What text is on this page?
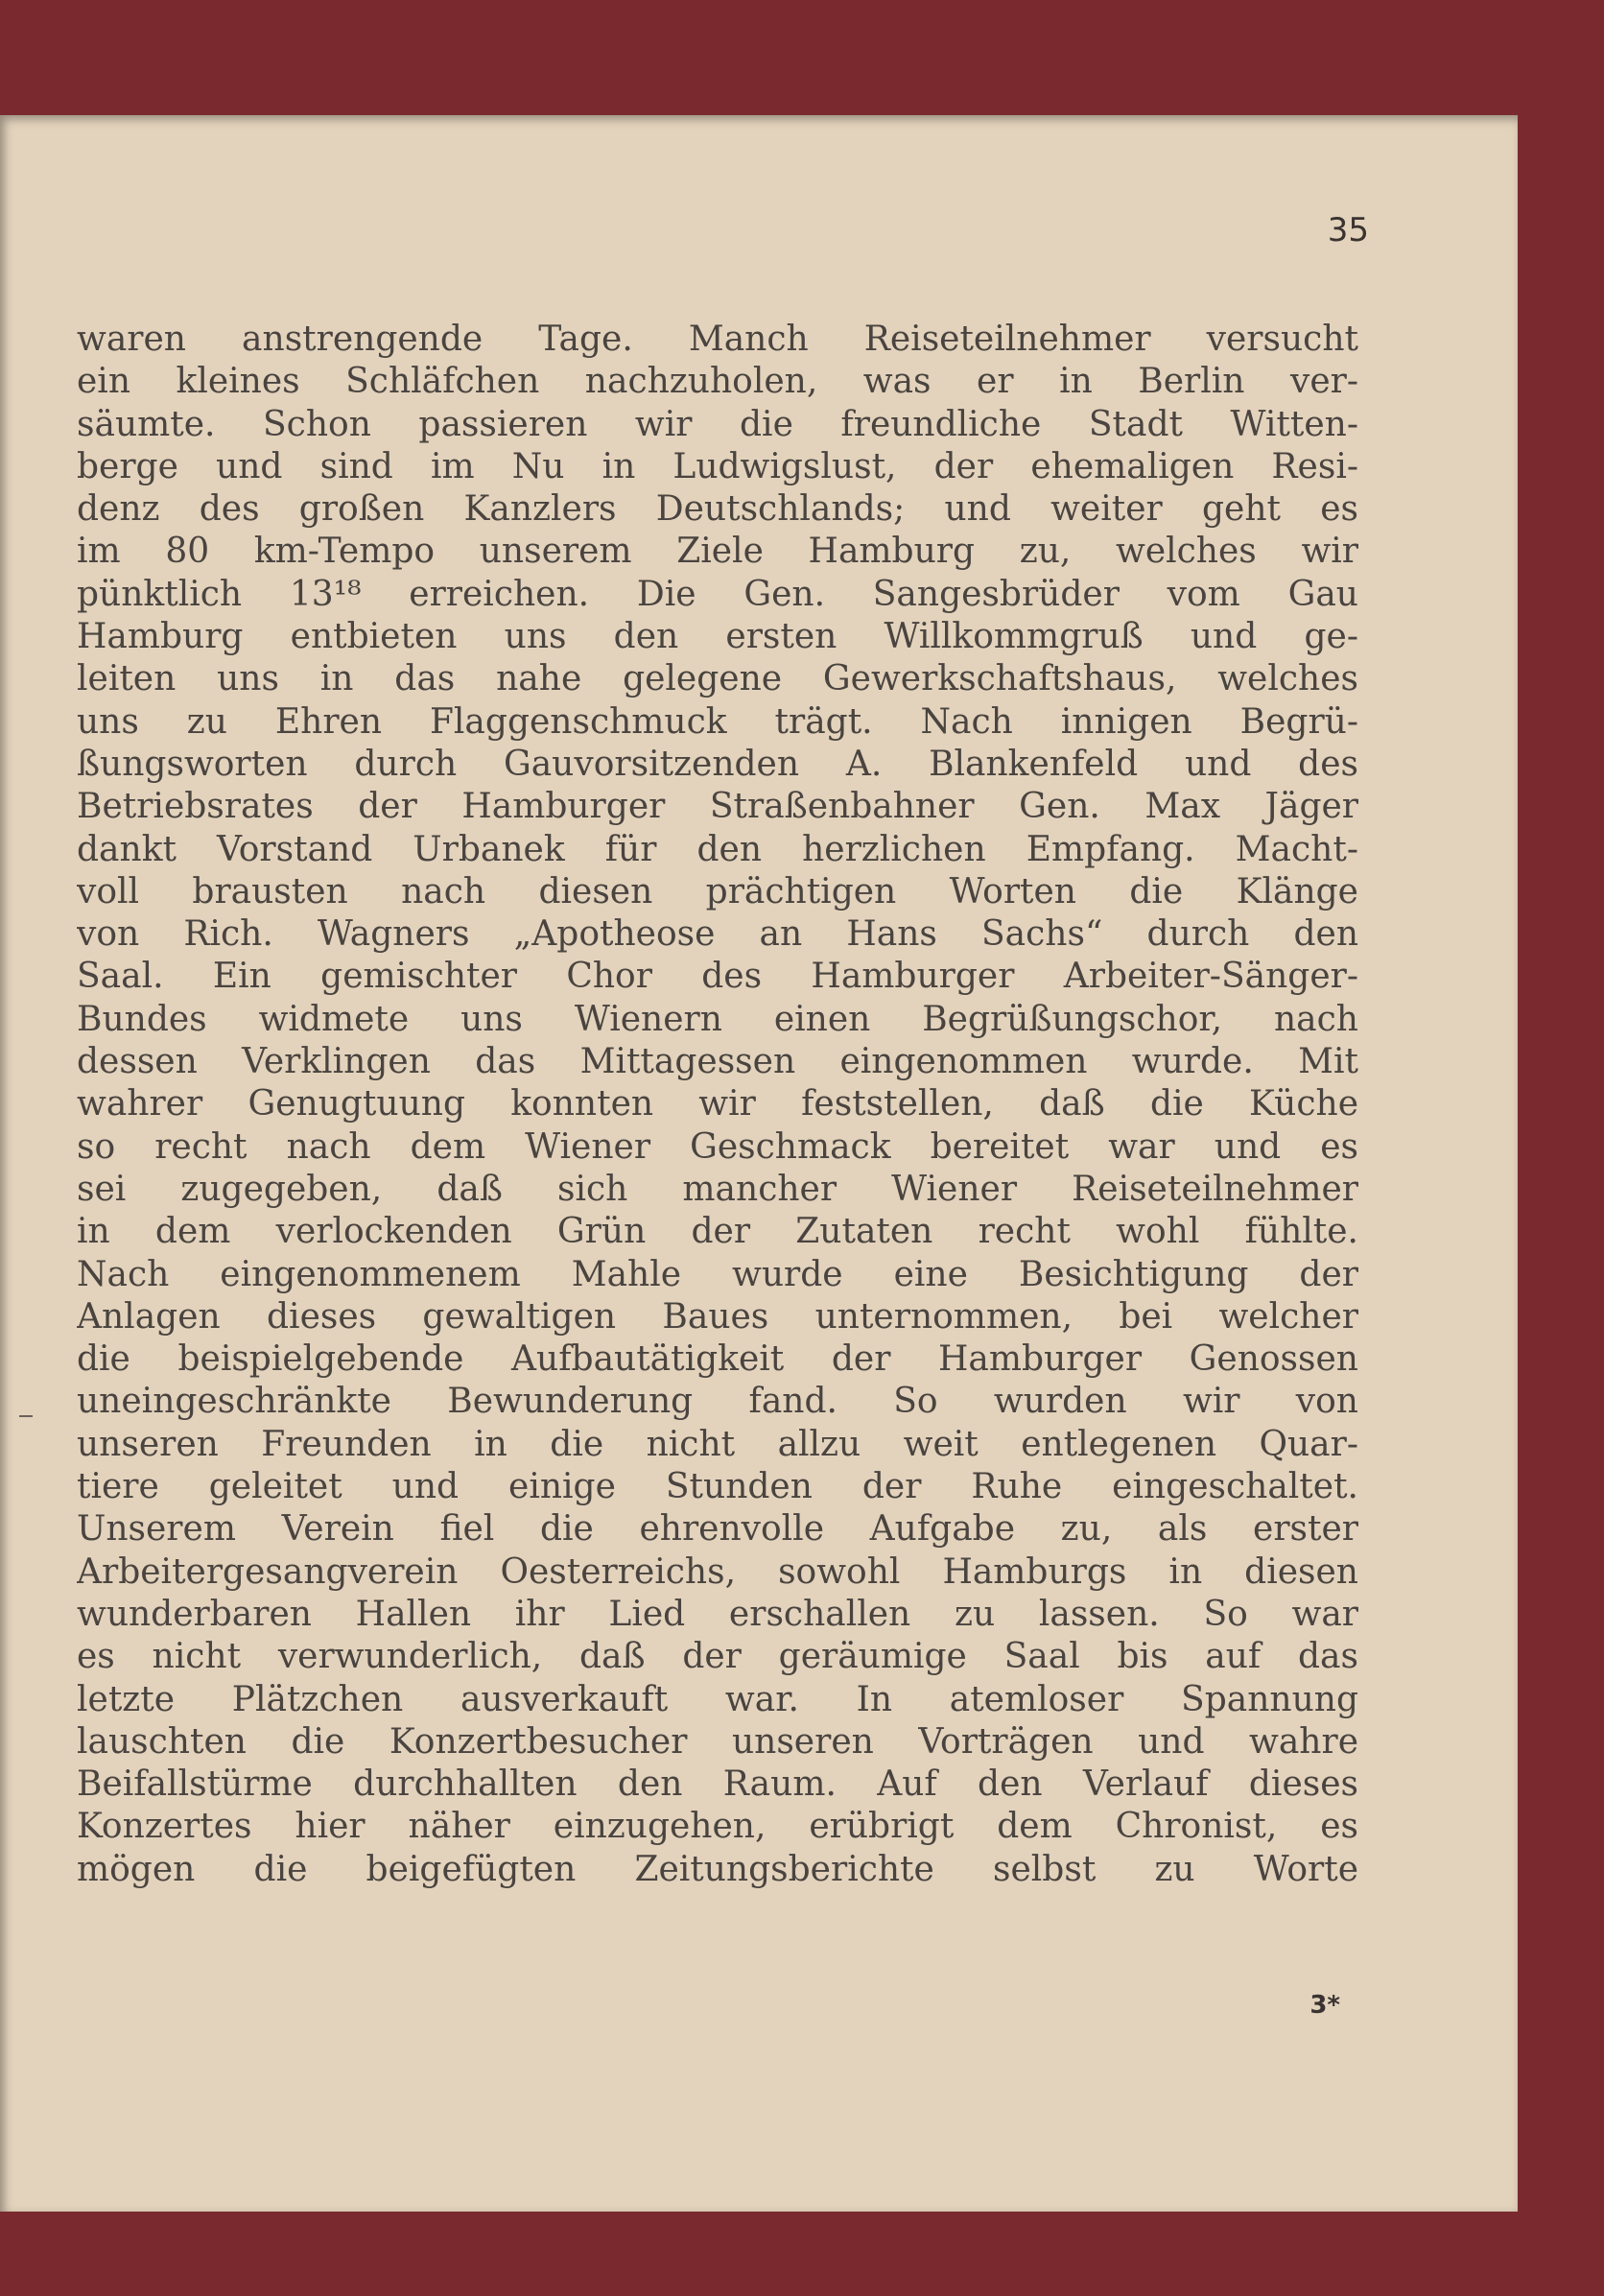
35
waren anstrengende Tage. Manch Reiseteilnehmer versucht
ein kleines Schläfchen nachzuholen, was er in Berlin ver-
säumte. Schon passieren wir die freundliche Stadt Witten-
berge und sind im Nu in Ludwigslust, der ehemaligen Resi-
denz des großen Kanzlers Deutschlands; und weiter geht es
im 80 km-Tempo unserem Ziele Hamburg zu, welches wir
pünktlich 13¹⁸ erreichen. Die Gen. Sangesbrüder vom Gau
Hamburg entbieten uns den ersten Willkommgruß und ge-
leiten uns in das nahe gelegene Gewerkschaftshaus, welches
uns zu Ehren Flaggenschmuck trägt. Nach innigen Begrü-
ßungsworten durch Gauvorsitzenden A. Blankenfeld und des
Betriebsrates der Hamburger Straßenbahner Gen. Max Jäger
dankt Vorstand Urbanek für den herzlichen Empfang. Macht-
voll brausten nach diesen prächtigen Worten die Klänge
von Rich. Wagners „Apotheose an Hans Sachs“ durch den
Saal. Ein gemischter Chor des Hamburger Arbeiter-Sänger-
Bundes widmete uns Wienern einen Begrüßungschor, nach
dessen Verklingen das Mittagessen eingenommen wurde. Mit
wahrer Genugtuung konnten wir feststellen, daß die Küche
so recht nach dem Wiener Geschmack bereitet war und es
sei zugegeben, daß sich mancher Wiener Reiseteilnehmer
in dem verlockenden Grün der Zutaten recht wohl fühlte.
Nach eingenommenem Mahle wurde eine Besichtigung der
Anlagen dieses gewaltigen Baues unternommen, bei welcher
die beispielgebende Aufbautätigkeit der Hamburger Genossen
uneingeschränkte Bewunderung fand. So wurden wir von
unseren Freunden in die nicht allzu weit entlegenen Quar-
tiere geleitet und einige Stunden der Ruhe eingeschaltet.
Unserem Verein fiel die ehrenvolle Aufgabe zu, als erster
Arbeitergesangverein Oesterreichs, sowohl Hamburgs in diesen
wunderbaren Hallen ihr Lied erschallen zu lassen. So war
es nicht verwunderlich, daß der geräumige Saal bis auf das
letzte Plätzchen ausverkauft war. In atemloser Spannung
lauschten die Konzertbesucher unseren Vorträgen und wahre
Beifallstürme durchhallten den Raum. Auf den Verlauf dieses
Konzertes hier näher einzugehen, erübrigt dem Chronist, es
mögen die beigefügten Zeitungsberichte selbst zu Worte
3*
